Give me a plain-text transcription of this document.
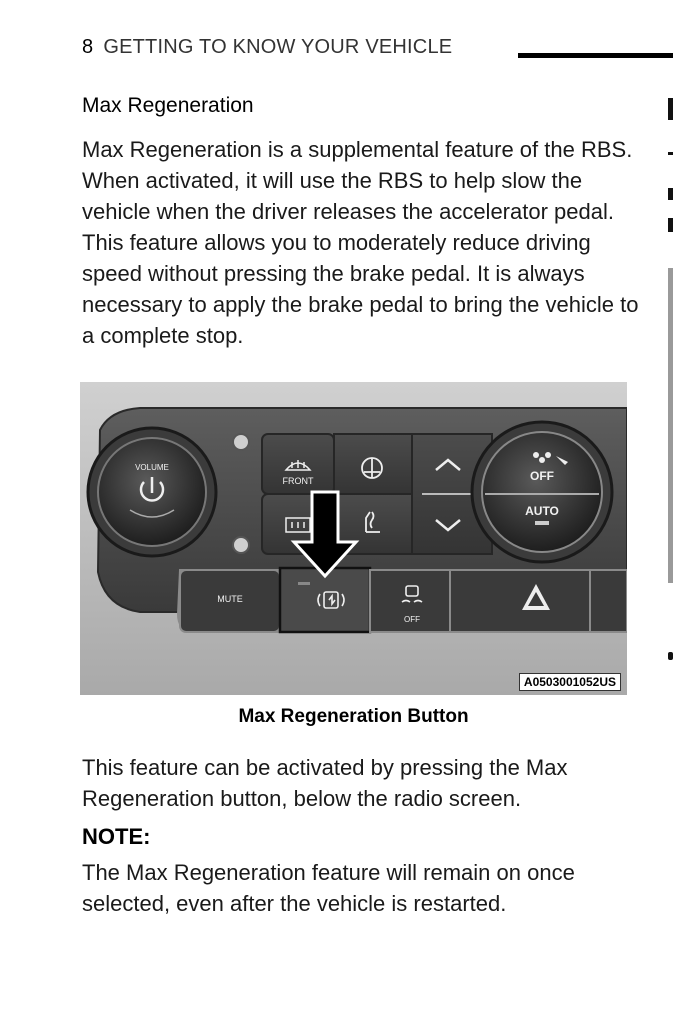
8 GETTING TO KNOW YOUR VEHICLE
Max Regeneration

Max Regeneration is a supplemental feature of the RBS. When activated, it will use the RBS to help slow the vehicle when the driver releases the accelerator pedal. This feature allows you to moderately reduce driving speed without pressing the brake pedal. It is always necessary to apply the brake pedal to bring the vehicle to a complete stop.

VOLUME
FRONT	OFF
AUTO
MUTE
OFF
A0503001052US
Max Regeneration Button

This feature can be activated by pressing the Max Regeneration button, below the radio screen.

NOTE:

The Max Regeneration feature will remain on once selected, even after the vehicle is restarted.
